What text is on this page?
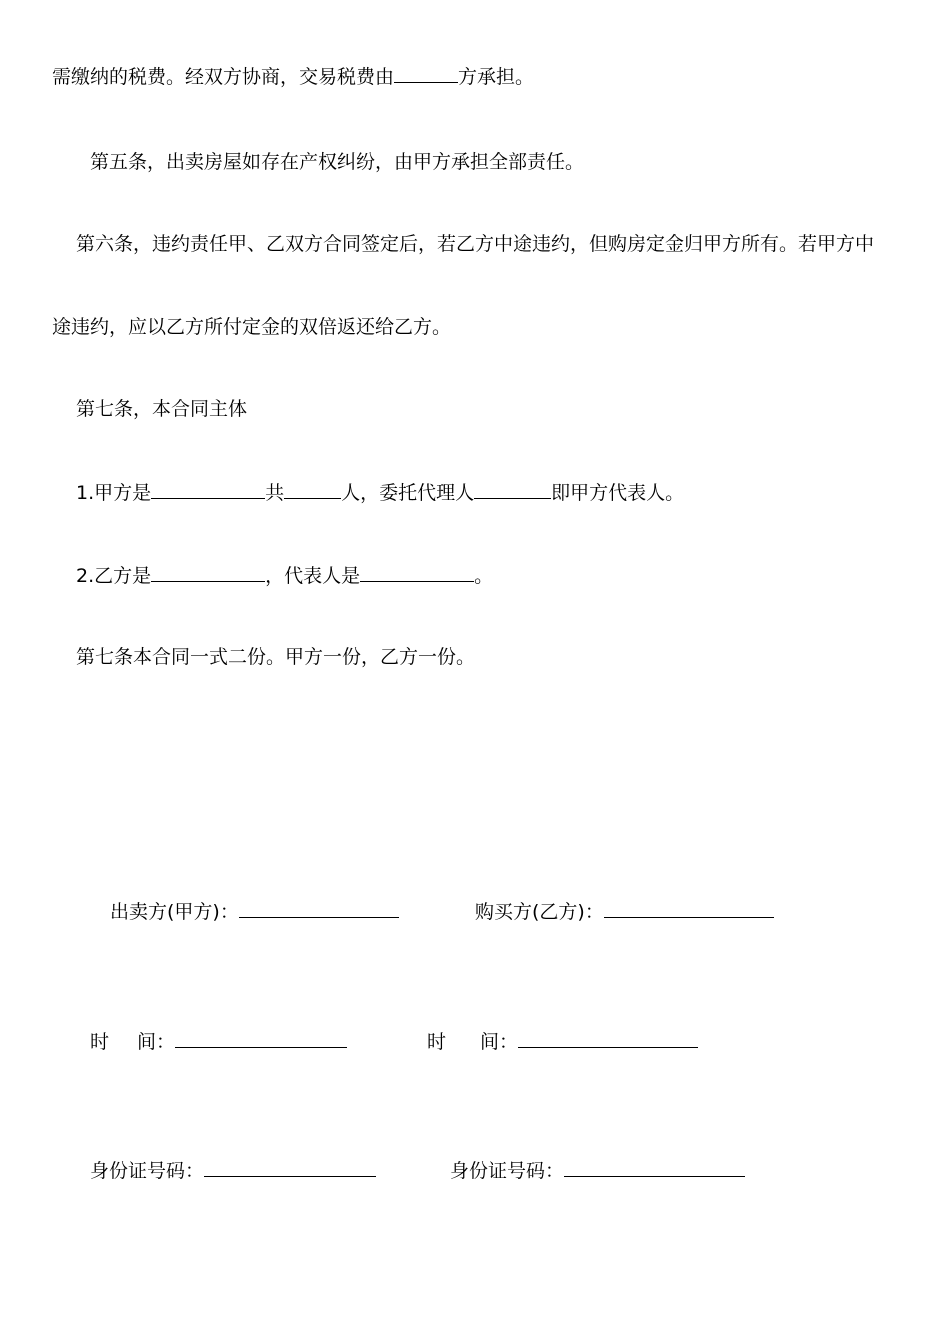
需缴纳的税费。经双方协商，交易税费由	方承担。
第五条，出卖房屋如存在产权纠纷，由甲方承担全部责任。
第六条，违约责任甲、乙双方合同签定后，若乙方中途违约，但购房定金归甲方所有。若甲方中
途违约，应以乙方所付定金的双倍返还给乙方。
第七条，本合同主体
1.甲方是	共	人，委托代理人	即甲方代表人。
2.乙方是	，代表人是	。
第七条本合同一式二份。甲方一份，乙方一份。
出卖方(甲方)：	购买方(乙方)：
时 间：	时 间：
身份证号码：	身份证号码：
